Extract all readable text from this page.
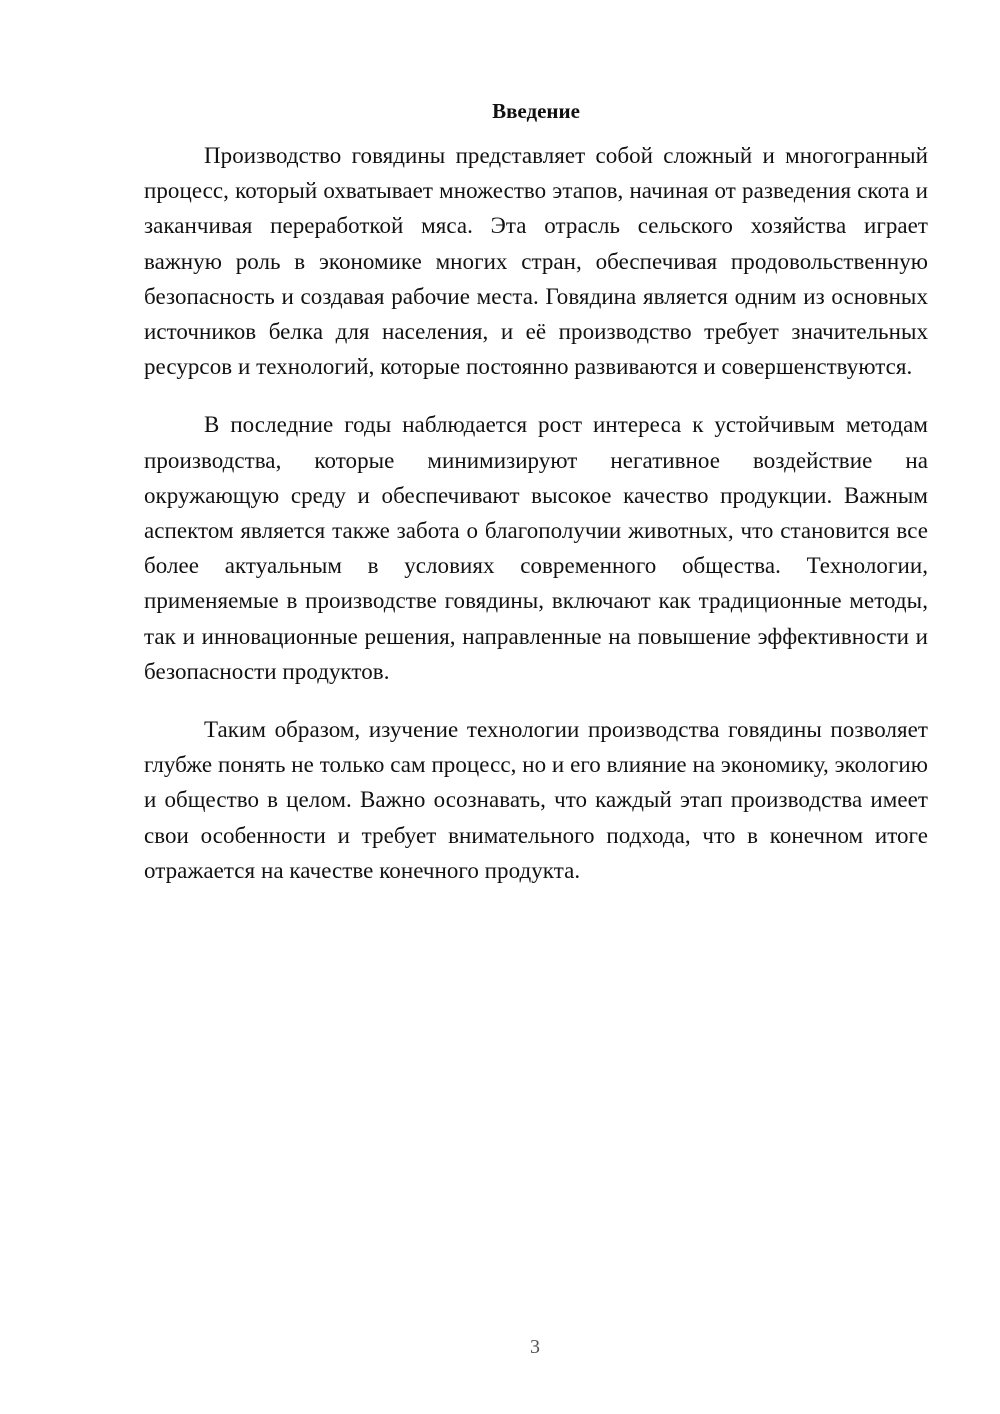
Введение

Производство говядины представляет собой сложный и многогранный процесс, который охватывает множество этапов, начиная от разведения скота и заканчивая переработкой мяса. Эта отрасль сельского хозяйства играет важную роль в экономике многих стран, обеспечивая продовольственную безопасность и создавая рабочие места. Говядина является одним из основных источников белка для населения, и её производство требует значительных ресурсов и технологий, которые постоянно развиваются и совершенствуются.

В последние годы наблюдается рост интереса к устойчивым методам производства, которые минимизируют негативное воздействие на окружающую среду и обеспечивают высокое качество продукции. Важным аспектом является также забота о благополучии животных, что становится все более актуальным в условиях современного общества. Технологии, применяемые в производстве говядины, включают как традиционные методы, так и инновационные решения, направленные на повышение эффективности и безопасности продуктов.

Таким образом, изучение технологии производства говядины позволяет глубже понять не только сам процесс, но и его влияние на экономику, экологию и общество в целом. Важно осознавать, что каждый этап производства имеет свои особенности и требует внимательного подхода, что в конечном итоге отражается на качестве конечного продукта.

3
